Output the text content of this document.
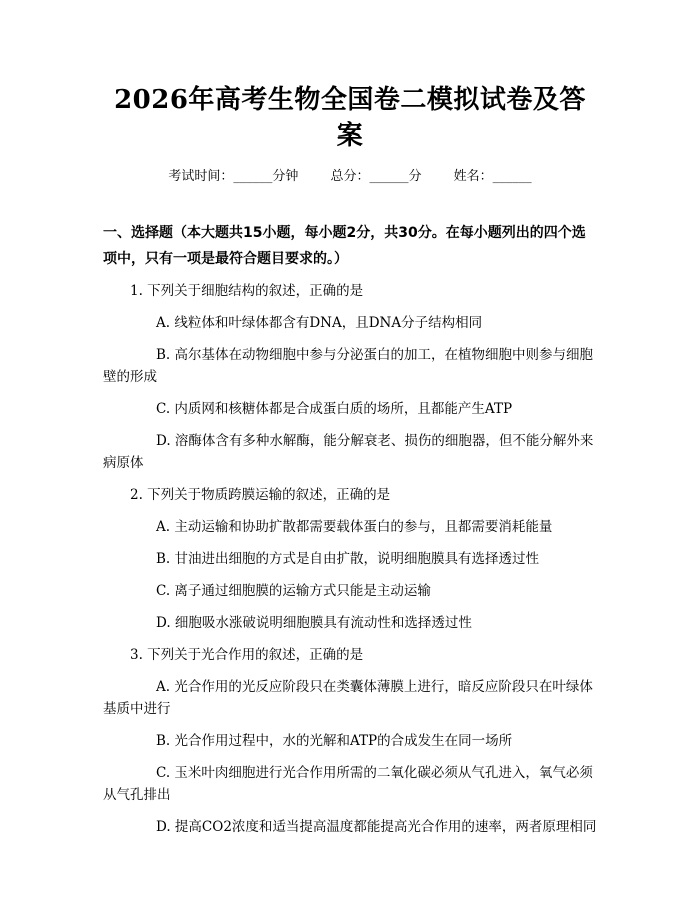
2026年高考生物全国卷二模拟试卷及答案
考试时间：______分钟 总分：______分 姓名：______
一、选择题（本大题共15小题，每小题2分，共30分。在每小题列出的四个选项中，只有一项是最符合题目要求的。）

1. 下列关于细胞结构的叙述，正确的是

A. 线粒体和叶绿体都含有DNA，且DNA分子结构相同

B. 高尔基体在动物细胞中参与分泌蛋白的加工，在植物细胞中则参与细胞壁的形成

C. 内质网和核糖体都是合成蛋白质的场所，且都能产生ATP

D. 溶酶体含有多种水解酶，能分解衰老、损伤的细胞器，但不能分解外来病原体

2. 下列关于物质跨膜运输的叙述，正确的是

A. 主动运输和协助扩散都需要载体蛋白的参与，且都需要消耗能量

B. 甘油进出细胞的方式是自由扩散，说明细胞膜具有选择透过性

C. 离子通过细胞膜的运输方式只能是主动运输

D. 细胞吸水涨破说明细胞膜具有流动性和选择透过性

3. 下列关于光合作用的叙述，正确的是

A. 光合作用的光反应阶段只在类囊体薄膜上进行，暗反应阶段只在叶绿体基质中进行

B. 光合作用过程中，水的光解和ATP的合成发生在同一场所

C. 玉米叶肉细胞进行光合作用所需的二氧化碳必须从气孔进入，氧气必须从气孔排出

D. 提高CO2浓度和适当提高温度都能提高光合作用的速率，两者原理相同
